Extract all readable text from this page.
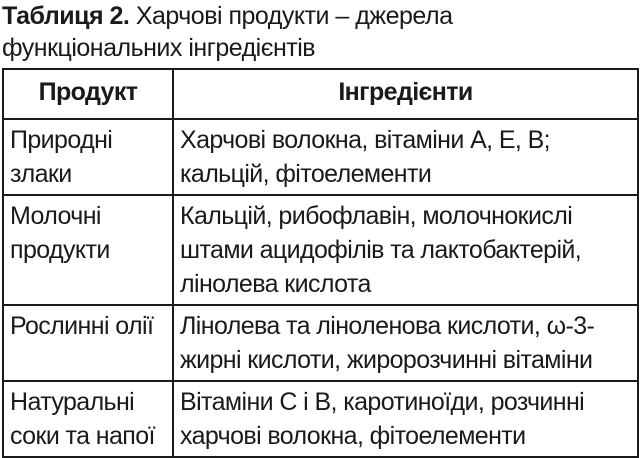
Таблиця 2. Харчові продукти – джерела функціональних інгредієнтів
Продукт	Інгредієнти
Природні злаки	Харчові волокна, вітаміни А, Е, В; кальцій, фітоелементи
Молочні продукти	Кальцій, рибофлавін, молочнокислі штами ацидофілів та лактобактерій, лінолева кислота
Рослинні олії	Лінолева та ліноленова кислоти, ω-3-жирні кислоти, жиророзчинні вітаміни
Натуральні соки та напої	Вітаміни С і В, каротиноїди, розчинні харчові волокна, фітоелементи
